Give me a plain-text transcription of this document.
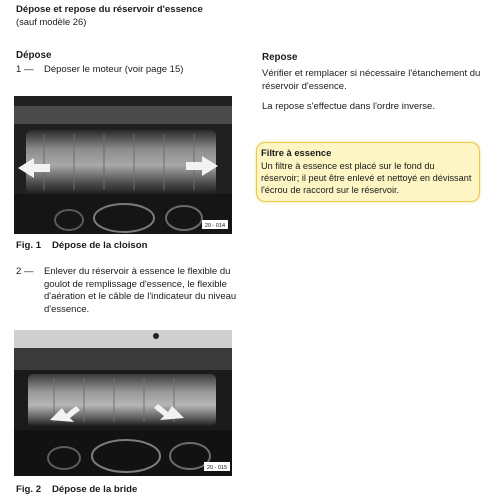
Dépose et repose du réservoir d'essence
(sauf modèle 26)
Dépose
1 —	Déposer le moteur (voir page 15)
20 - 014
Fig. 1 Dépose de la cloison
2 —	Enlever du réservoir à essence le flexible du goulot de remplissage d'essence, le flexible d'aération et le câble de l'indicateur du niveau d'essence.
20 - 015
Fig. 2 Dépose de la bride
Repose
Vérifier et remplacer si nécessaire l'étanchement du réservoir d'essence.
La repose s'effectue dans l'ordre inverse.
Filtre à essence
Un filtre à essence est placé sur le fond du réservoir; il peut être enlevé et nettoyé en dévissant l'écrou de raccord sur le réservoir.
